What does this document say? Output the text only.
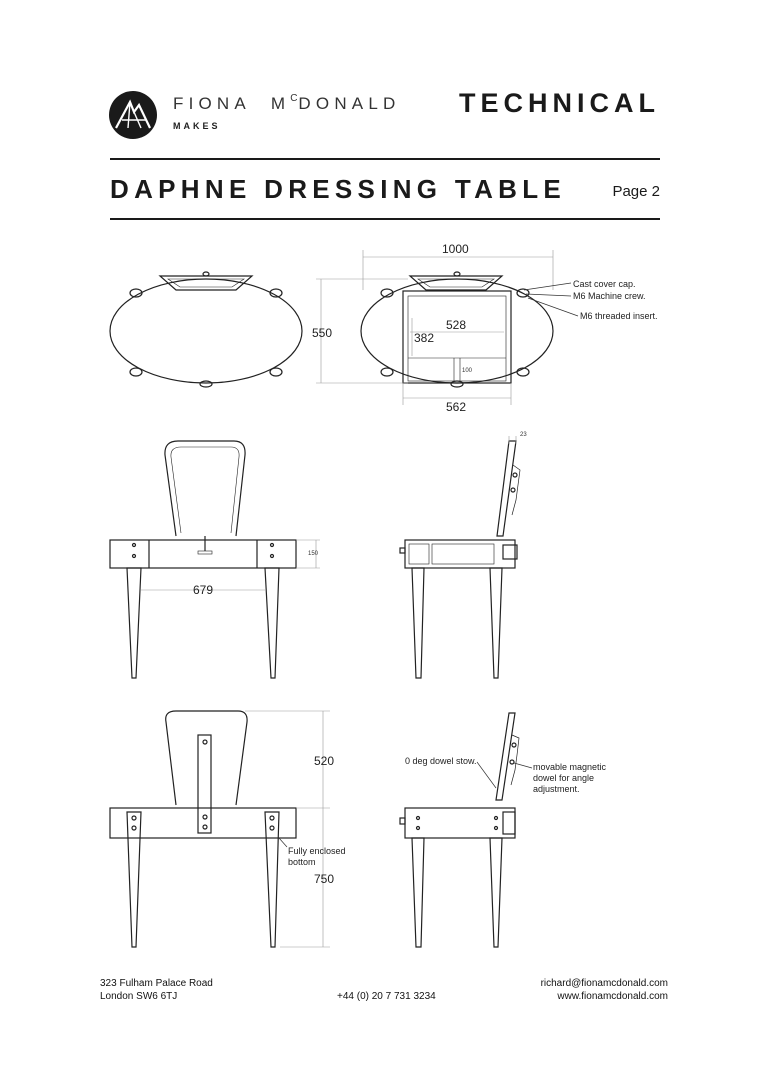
FIONA $M^CDONALD$
MAKES
TECHNICAL
DAPHNE DRESSING TABLE	Page 2
1000
550
528
382
100
562
23
150
679
520
750
Cast cover cap.
M6 Machine crew.
M6 threaded insert.
0 deg dowel stow.
movable magnetic
dowel for angle
adjustment.
Fully enclosed
bottom
323 Fulham Palace Road
London SW6 6TJ	+44 (0) 20 7 731 3234
richard@fionamcdonald.com
www.fionamcdonald.com
